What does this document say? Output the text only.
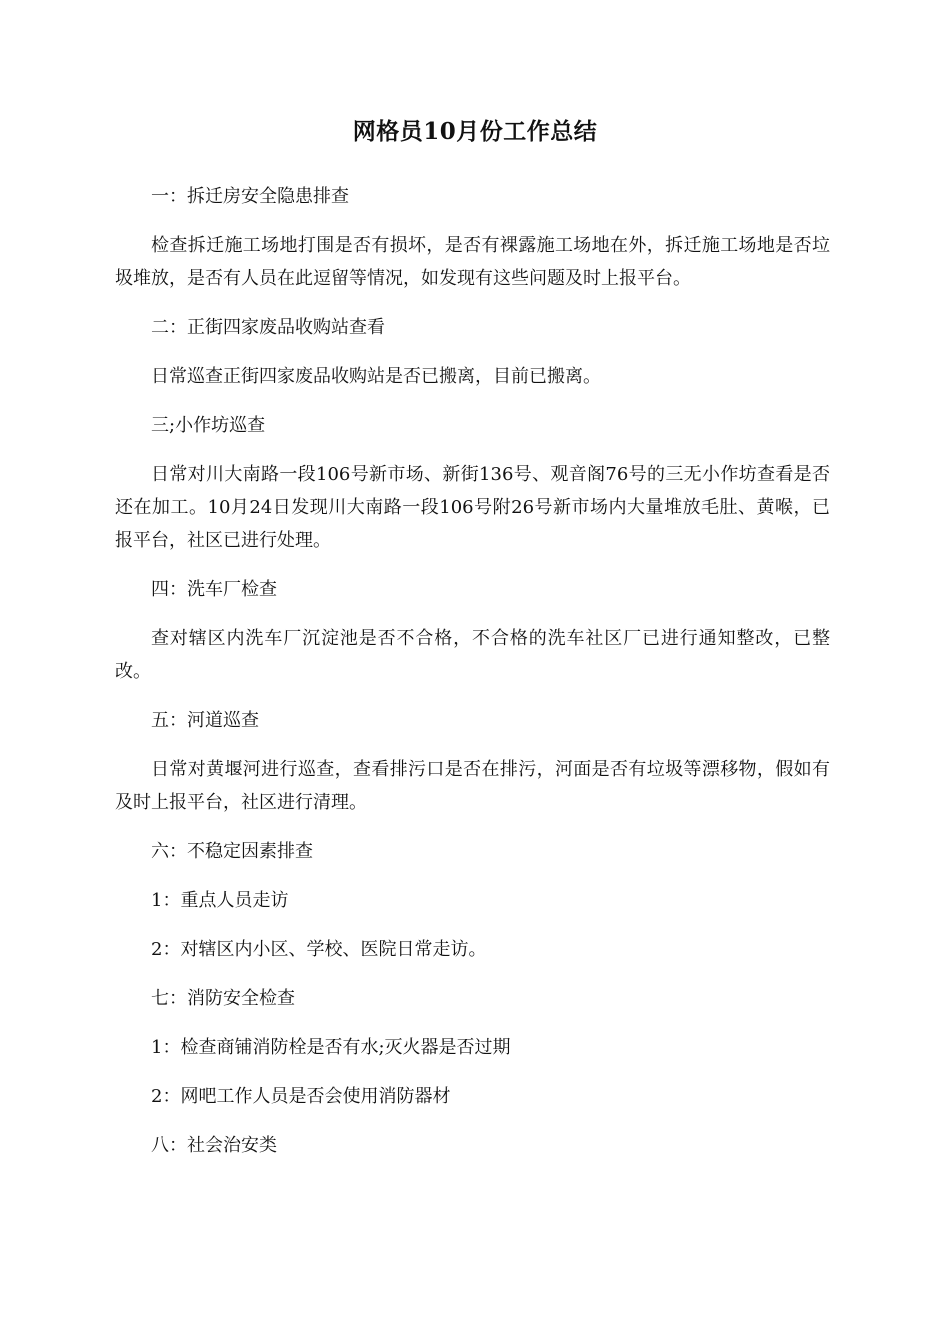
网格员10月份工作总结

一：拆迁房安全隐患排查

检查拆迁施工场地打围是否有损坏，是否有裸露施工场地在外，拆迁施工场地是否垃圾堆放，是否有人员在此逗留等情况，如发现有这些问题及时上报平台。

二：正街四家废品收购站查看

日常巡查正街四家废品收购站是否已搬离，目前已搬离。

三;小作坊巡查

日常对川大南路一段106号新市场、新街136号、观音阁76号的三无小作坊查看是否还在加工。10月24日发现川大南路一段106号附26号新市场内大量堆放毛肚、黄喉，已报平台，社区已进行处理。

四：洗车厂检查

查对辖区内洗车厂沉淀池是否不合格，不合格的洗车社区厂已进行通知整改，已整改。

五：河道巡查

日常对黄堰河进行巡查，查看排污口是否在排污，河面是否有垃圾等漂移物，假如有及时上报平台，社区进行清理。

六：不稳定因素排查

1：重点人员走访

2：对辖区内小区、学校、医院日常走访。

七：消防安全检查

1：检查商铺消防栓是否有水;灭火器是否过期

2：网吧工作人员是否会使用消防器材

八：社会治安类
